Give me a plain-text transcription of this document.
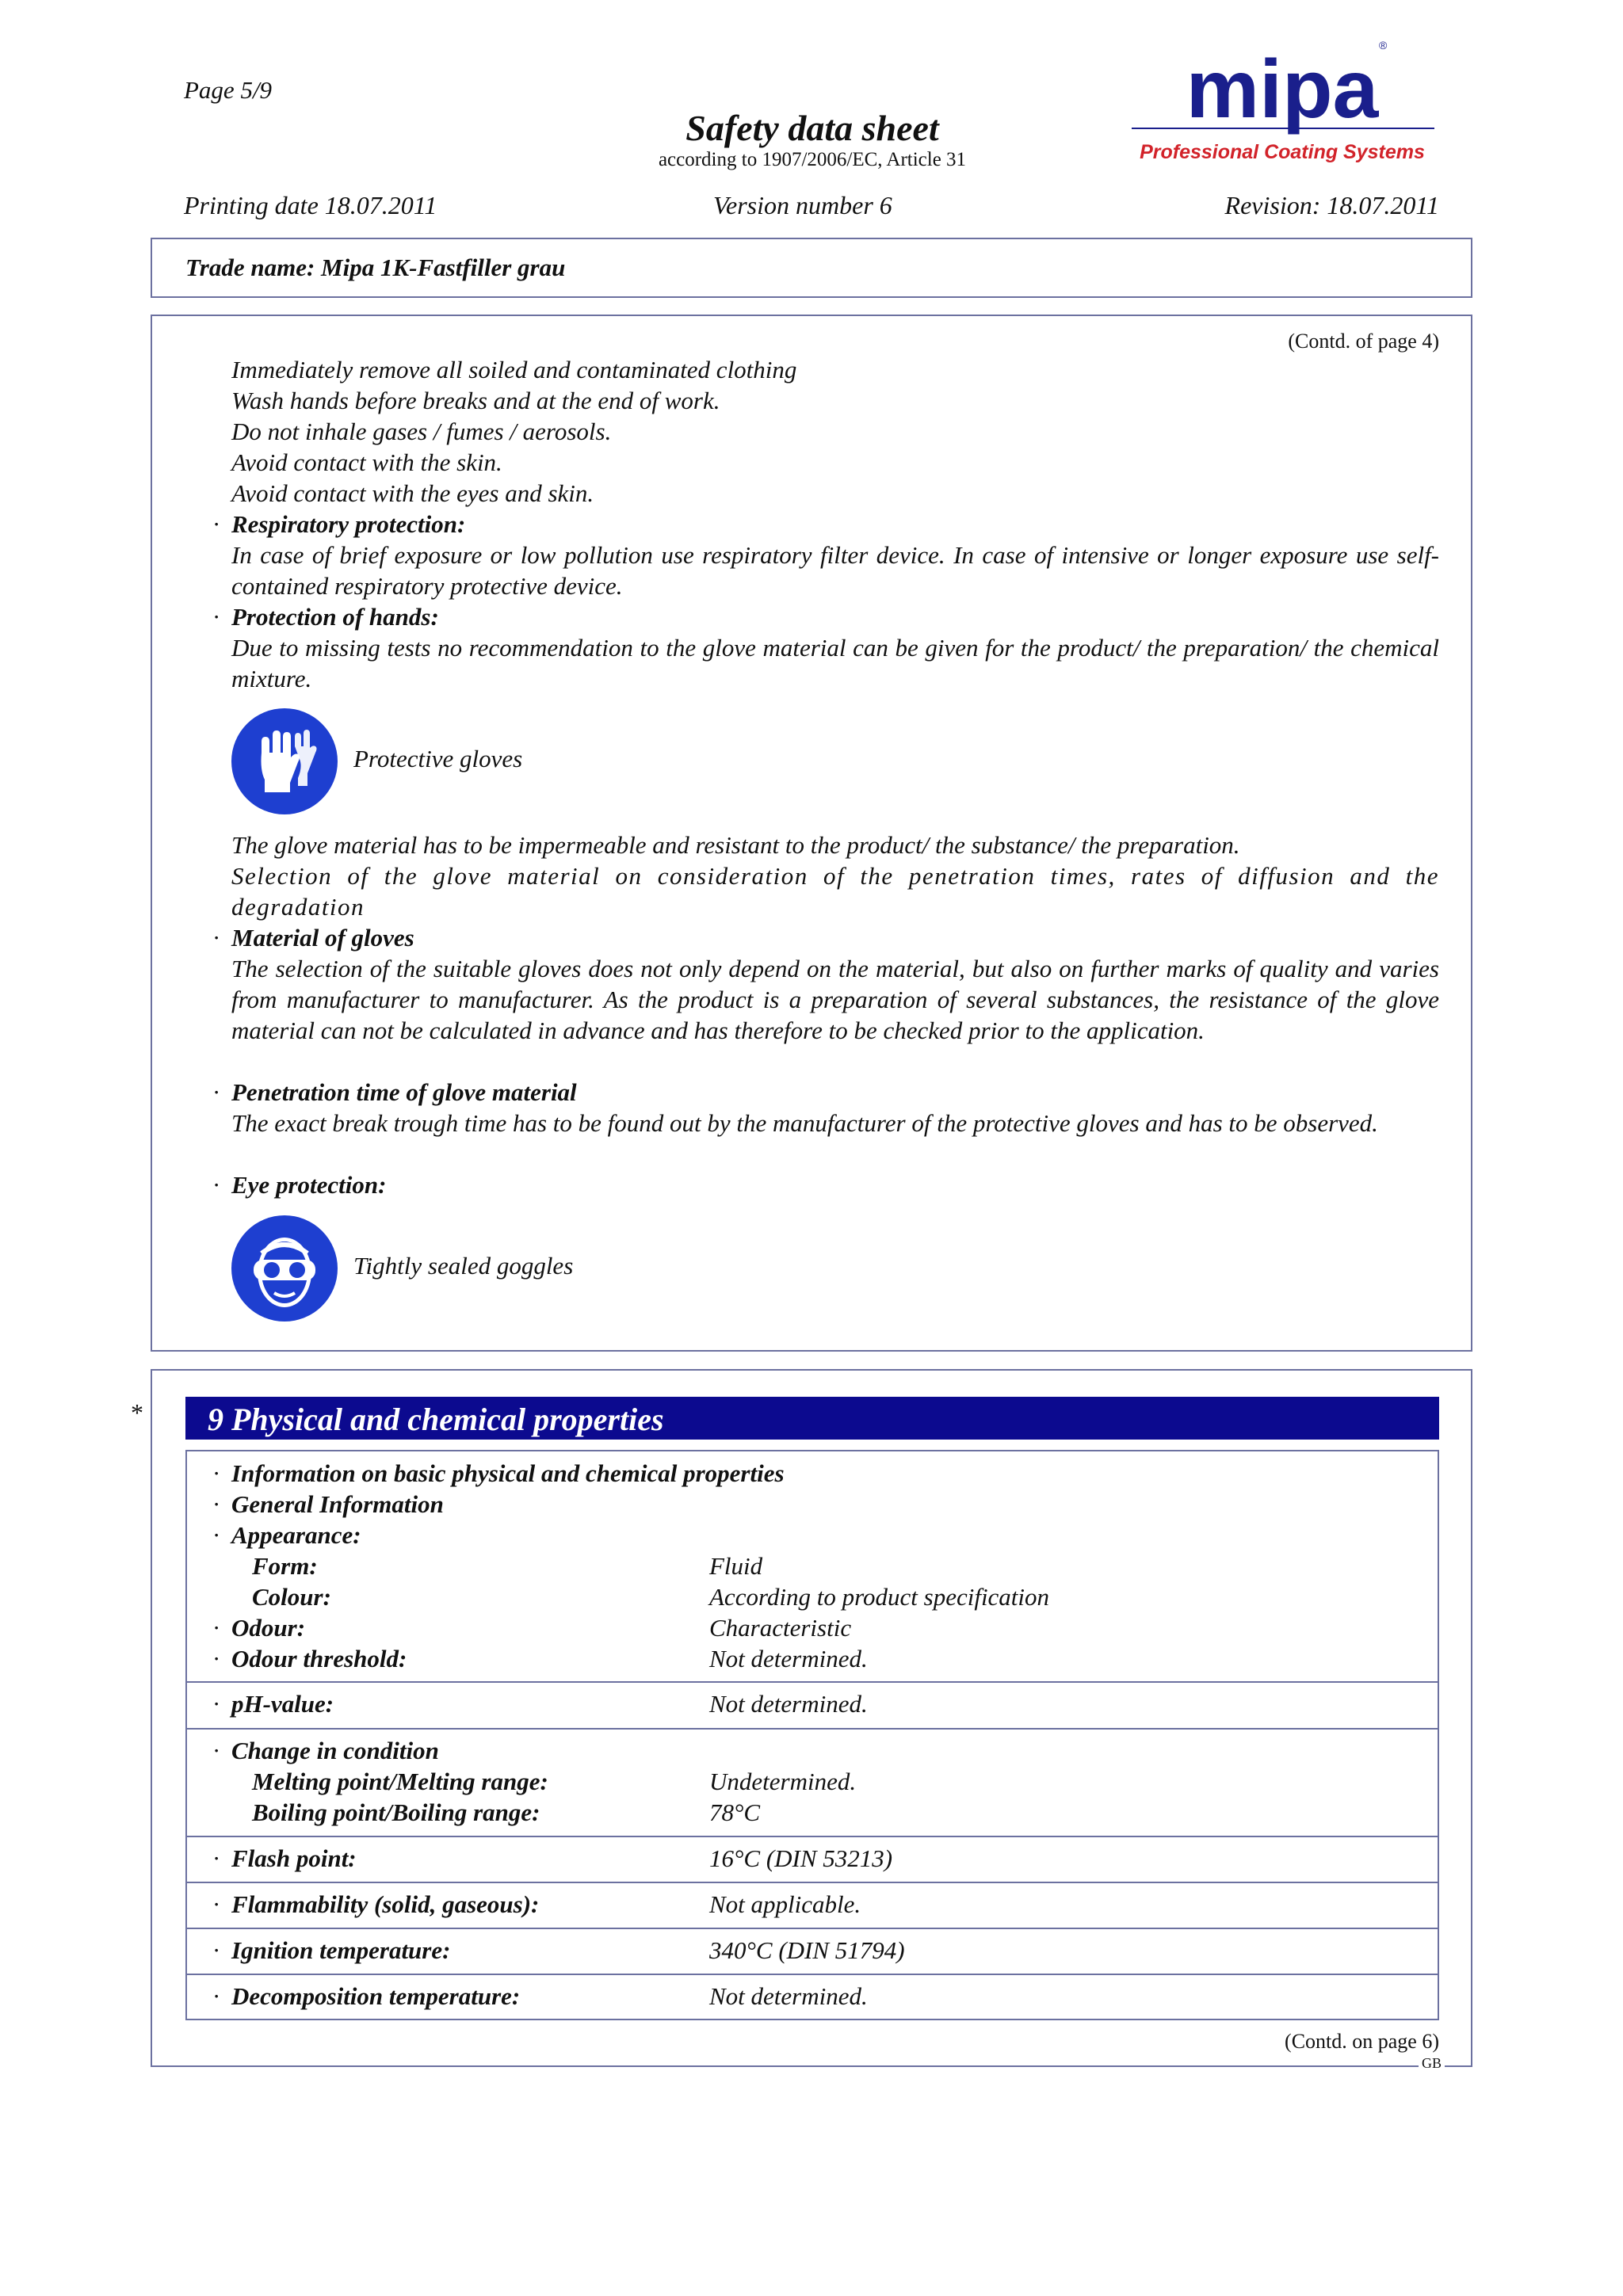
Page 5/9
Safety data sheet
according to 1907/2006/EC, Article 31
mipa ®
Professional Coating Systems
Printing date 18.07.2011	Version number 6	Revision: 18.07.2011
Trade name: Mipa 1K-Fastfiller grau
(Contd. of page 4)
Immediately remove all soiled and contaminated clothing
Wash hands before breaks and at the end of work.
Do not inhale gases / fumes / aerosols.
Avoid contact with the skin.
Avoid contact with the eyes and skin.
· Respiratory protection:
In case of brief exposure or low pollution use respiratory filter device. In case of intensive or longer exposure use self-contained respiratory protective device.
· Protection of hands:
Due to missing tests no recommendation to the glove material can be given for the product/ the preparation/ the chemical mixture.
Protective gloves
The glove material has to be impermeable and resistant to the product/ the substance/ the preparation.
Selection of the glove material on consideration of the penetration times, rates of diffusion and the degradation
· Material of gloves
The selection of the suitable gloves does not only depend on the material, but also on further marks of quality and varies from manufacturer to manufacturer. As the product is a preparation of several substances, the resistance of the glove material can not be calculated in advance and has therefore to be checked prior to the application.
· Penetration time of glove material
The exact break trough time has to be found out by the manufacturer of the protective gloves and has to be observed.
· Eye protection:
Tightly sealed goggles
* 9 Physical and chemical properties
· Information on basic physical and chemical properties
· General Information
· Appearance:
Form:	Fluid
Colour:	According to product specification
· Odour:	Characteristic
· Odour threshold:	Not determined.
· pH-value:	Not determined.
· Change in condition
Melting point/Melting range:	Undetermined.
Boiling point/Boiling range:	78°C
· Flash point:	16°C (DIN 53213)
· Flammability (solid, gaseous):	Not applicable.
· Ignition temperature:	340°C (DIN 51794)
· Decomposition temperature:	Not determined.
(Contd. on page 6)
GB
